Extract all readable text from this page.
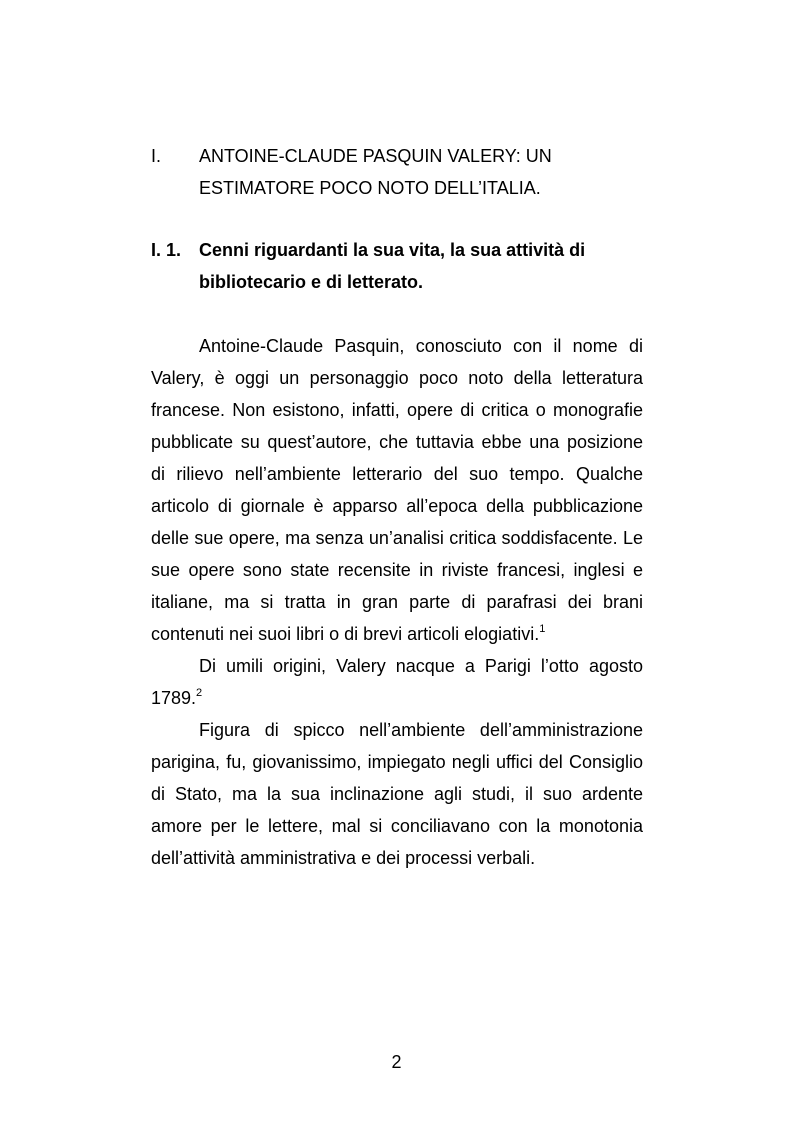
I.	ANTOINE-CLAUDE PASQUIN VALERY: UN ESTIMATORE POCO NOTO DELL’ITALIA.
I. 1. Cenni riguardanti la sua vita, la sua attività di bibliotecario e di letterato.

Antoine-Claude Pasquin, conosciuto con il nome di Valery, è oggi un personaggio poco noto della letteratura francese. Non esistono, infatti, opere di critica o monografie pubblicate su quest’autore, che tuttavia ebbe una posizione di rilievo nell’ambiente letterario del suo tempo. Qualche articolo di giornale è apparso all’epoca della pubblicazione delle sue opere, ma senza un’analisi critica soddisfacente. Le sue opere sono state recensite in riviste francesi, inglesi e italiane, ma si tratta in gran parte di parafrasi dei brani contenuti nei suoi libri o di brevi articoli elogiativi.$^1$

Di umili origini, Valery nacque a Parigi l’otto agosto 1789.$^2$

Figura di spicco nell’ambiente dell’amministrazione parigina, fu, giovanissimo, impiegato negli uffici del Consiglio di Stato, ma la sua inclinazione agli studi, il suo ardente amore per le lettere, mal si conciliavano con la monotonia dell’attività amministrativa e dei processi verbali.

2
